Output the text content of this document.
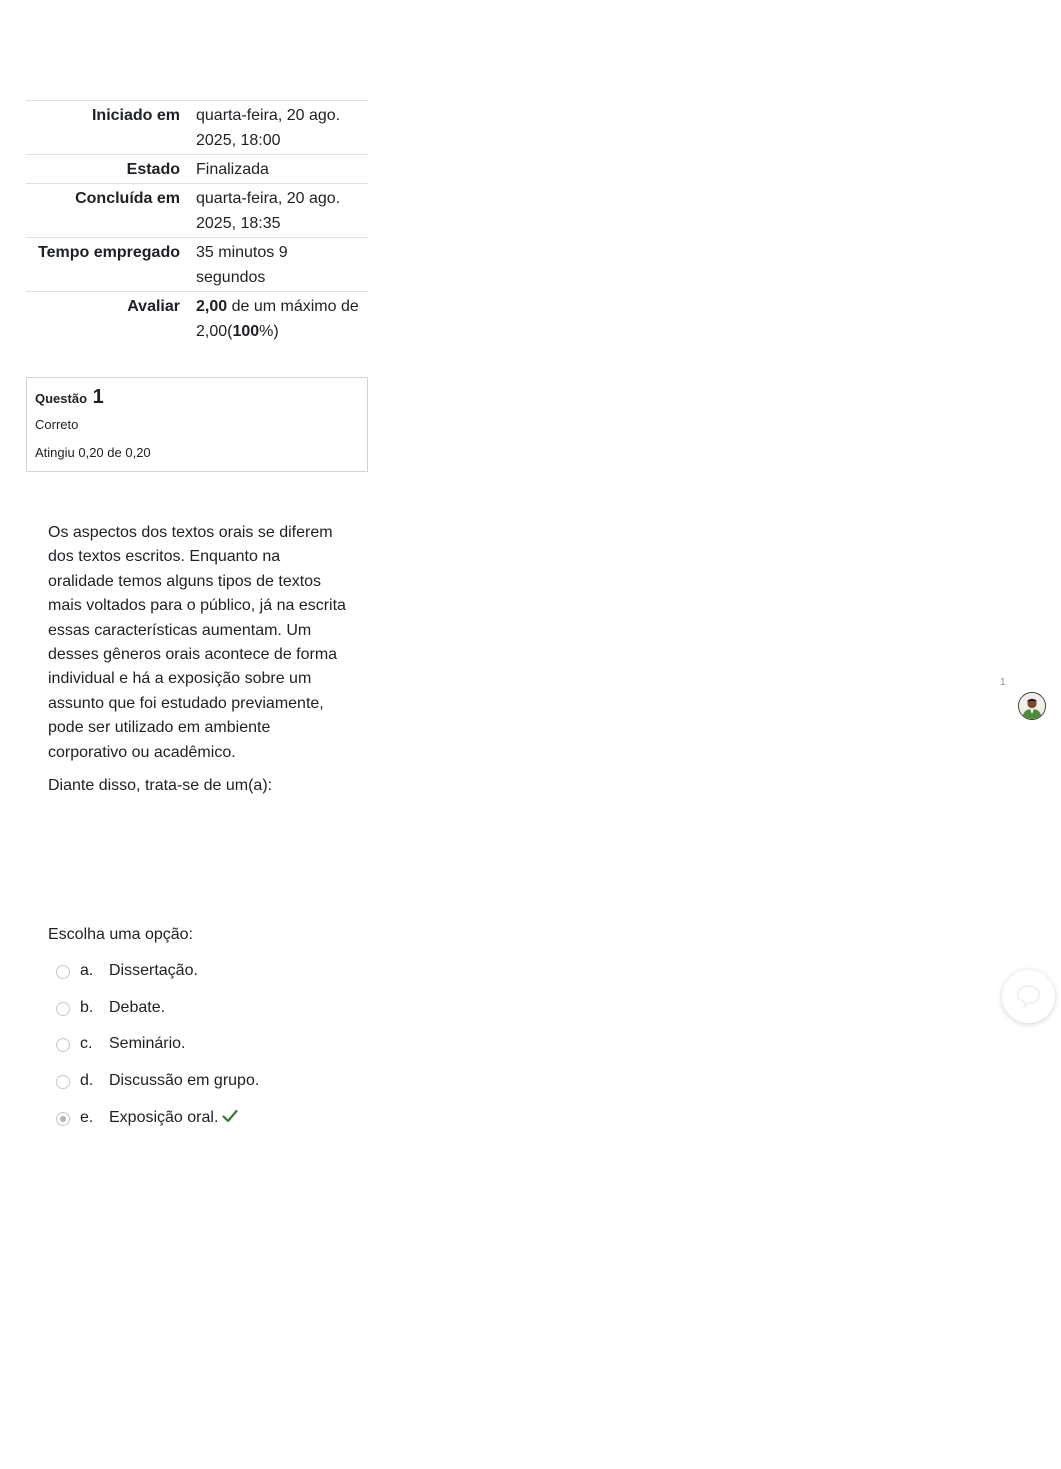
Iniciado em	quarta-feira, 20 ago. 2025, 18:00
Estado	Finalizada
Concluída em	quarta-feira, 20 ago. 2025, 18:35
Tempo empregado	35 minutos 9 segundos
Avaliar	2,00 de um máximo de 2,00(100%)
Questão 1
Correto
Atingiu 0,20 de 0,20

Os aspectos dos textos orais se diferem dos textos escritos. Enquanto na oralidade temos alguns tipos de textos mais voltados para o público, já na escrita essas características aumentam. Um desses gêneros orais acontece de forma individual e há a exposição sobre um assunto que foi estudado previamente, pode ser utilizado em ambiente corporativo ou acadêmico.

Diante disso, trata-se de um(a):

Escolha uma opção:
a. Dissertação.
b. Debate.
c. Seminário.
d. Discussão em grupo.
e. Exposição oral.
1
